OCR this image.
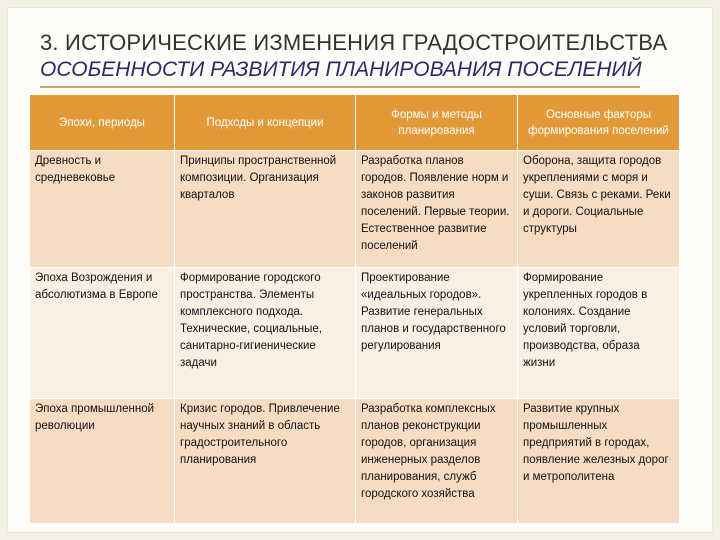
3. ИСТОРИЧЕСКИЕ ИЗМЕНЕНИЯ ГРАДОСТРОИТЕЛЬСТВА
ОСОБЕННОСТИ РАЗВИТИЯ ПЛАНИРОВАНИЯ ПОСЕЛЕНИЙ
Эпохи, периоды	Подходы и концепции	Формы и методы планирования	Основные факторы формирования поселений
Древность и средневековье	Принципы пространственной композиции. Организация кварталов	Разработка планов городов. Появление норм и законов развития поселений. Первые теории. Естественное развитие поселений	Оборона, защита городов укреплениями с моря и суши. Связь с реками. Реки и дороги. Социальные структуры
Эпоха Возрождения и абсолютизма в Европе	Формирование городского пространства. Элементы комплексного подхода. Технические, социальные, санитарно-гигиенические задачи	Проектирование «идеальных городов». Развитие генеральных планов и государственного регулирования	Формирование укрепленных городов в колониях. Создание условий торговли, производства, образа жизни
Эпоха промышленной революции	Кризис городов. Привлечение научных знаний в область градостроительного планирования	Разработка комплексных планов реконструкции городов, организация инженерных разделов планирования, служб городского хозяйства	Развитие крупных промышленных предприятий в городах, появление железных дорог и метрополитена
